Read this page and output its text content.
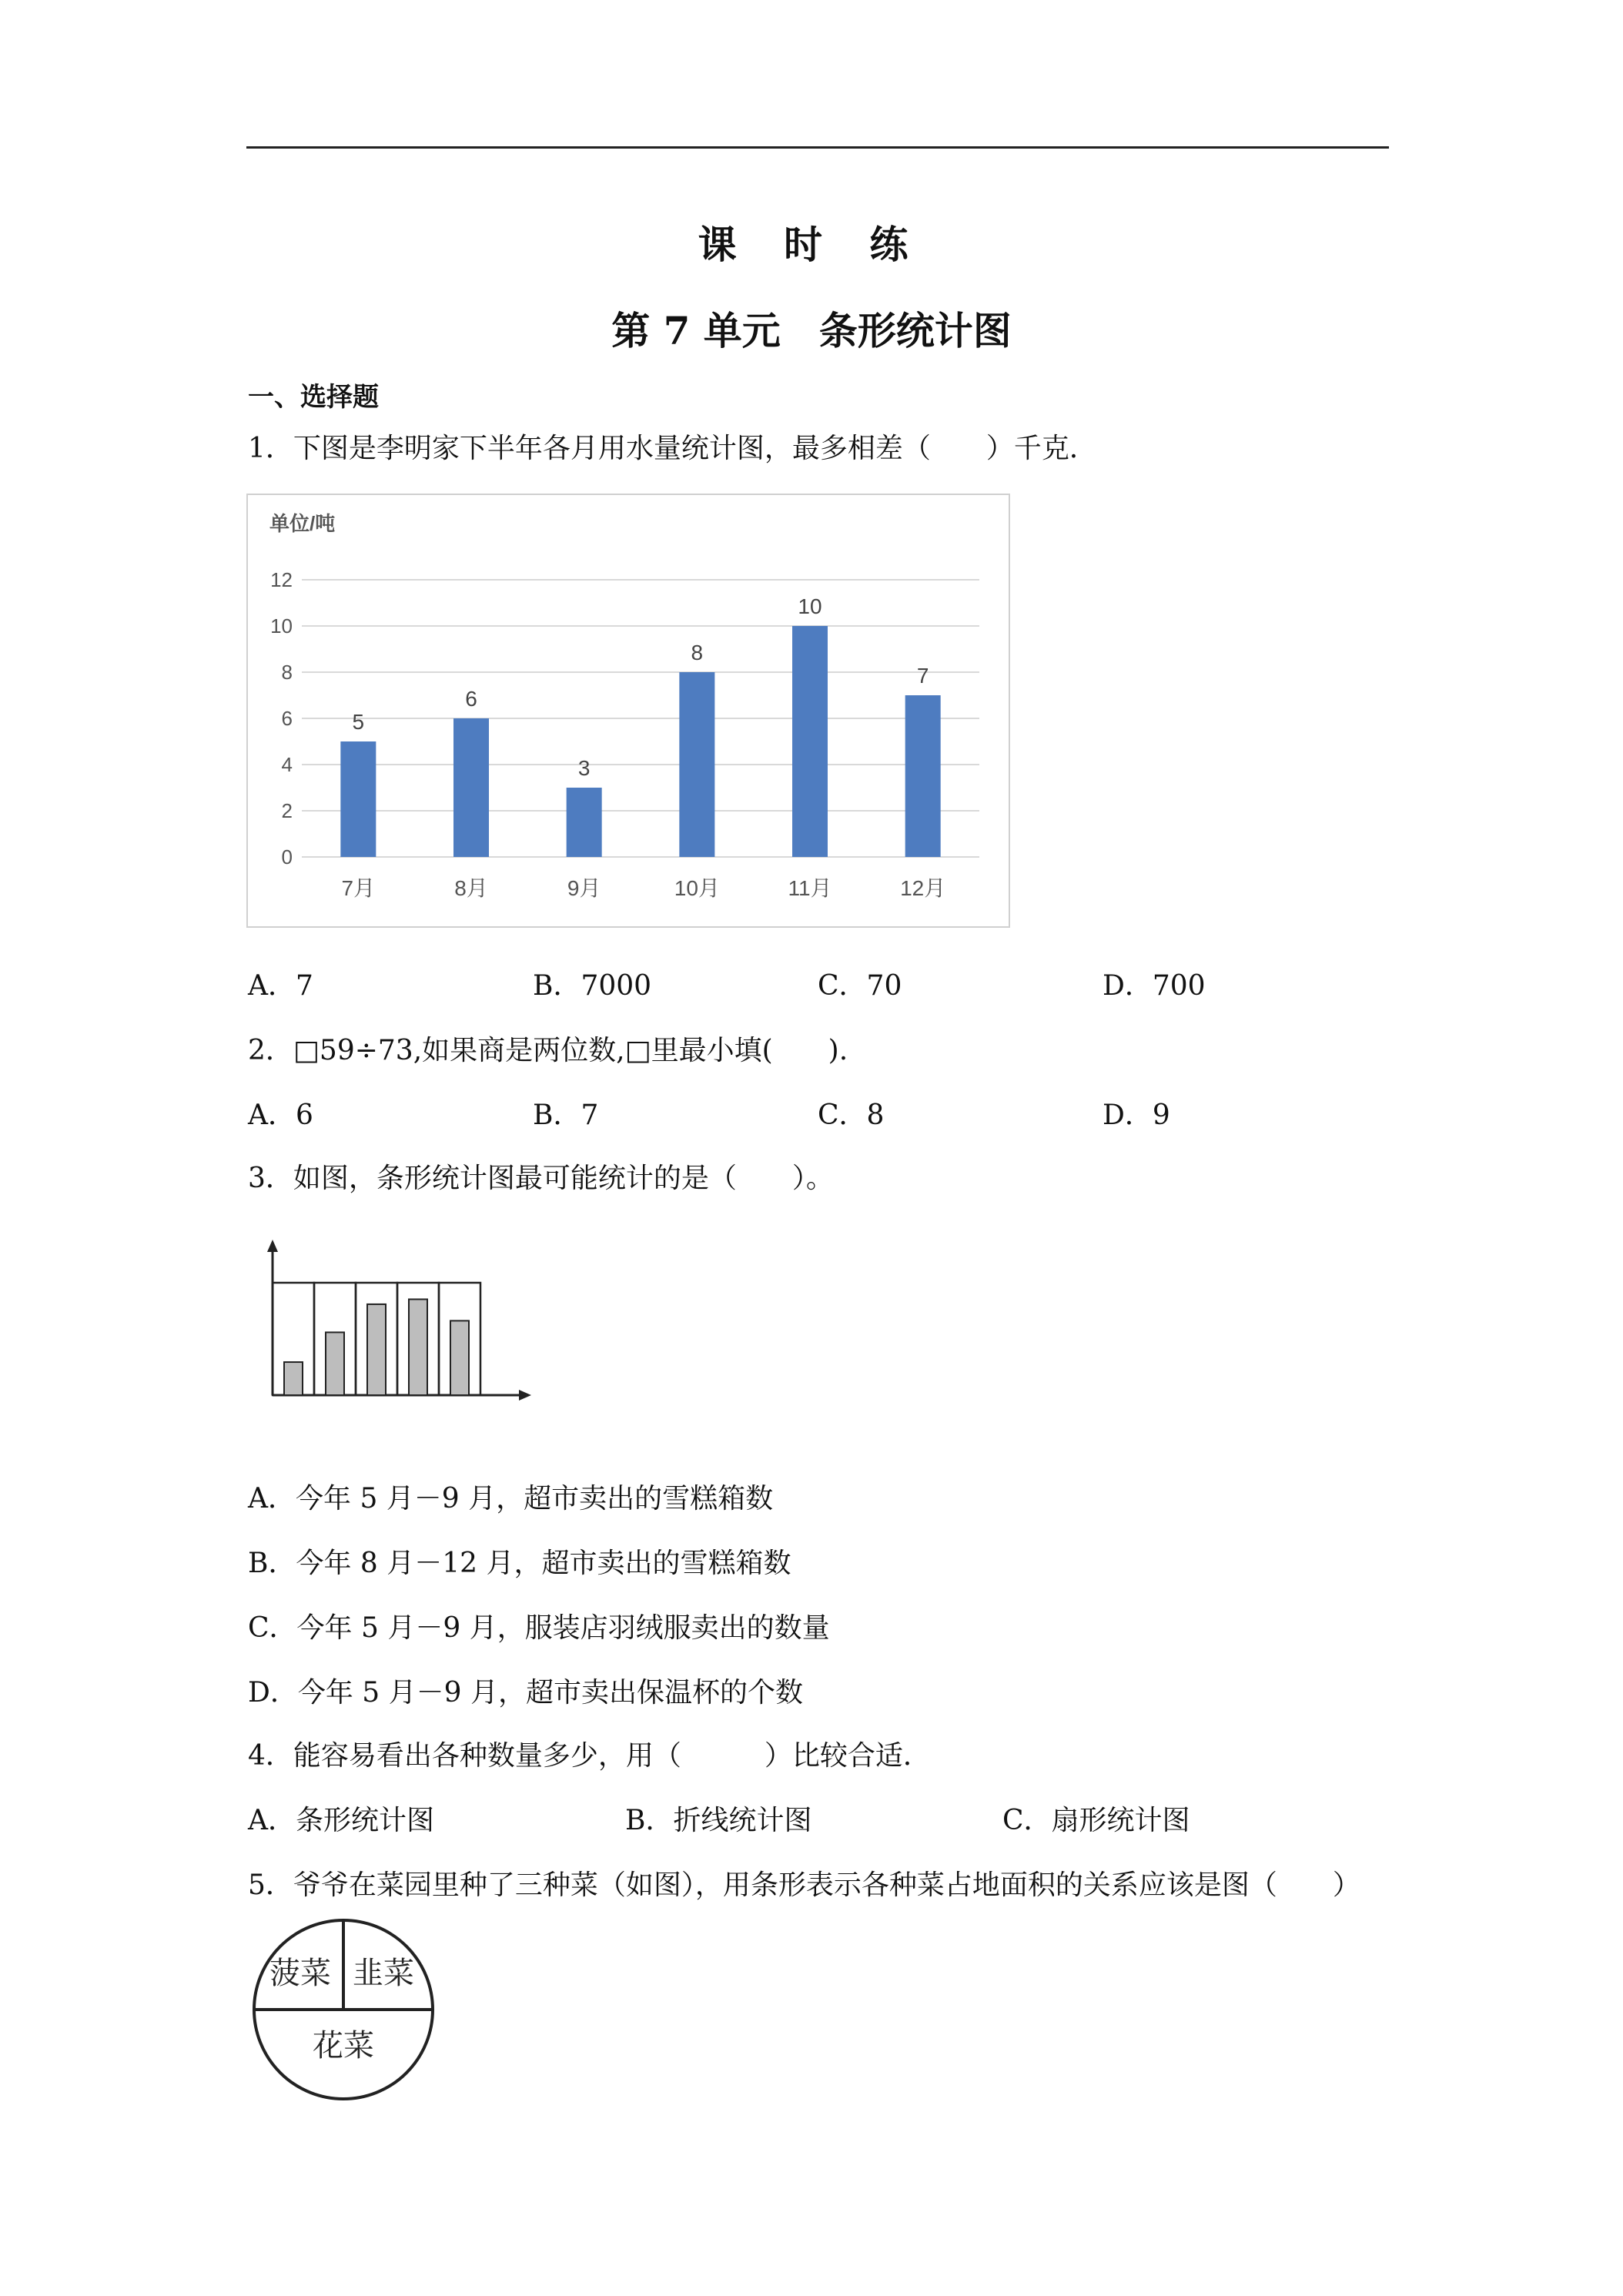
课 时 练
第 7 单元　条形统计图
一、选择题
1．下图是李明家下半年各月用水量统计图，最多相差（　　）千克．
单位/吨
0
2
4
6
8
10
12
5
7月
6
8月
3
9月
8
10月
10
11月
7
12月
A．7	B．7000	C．70	D．700
2．□59÷73,如果商是两位数,□里最小填(　　).
A．6	B．7	C．8	D．9
3．如图，条形统计图最可能统计的是（　　）。
A．今年 5 月－9 月，超市卖出的雪糕箱数
B．今年 8 月－12 月，超市卖出的雪糕箱数
C．今年 5 月－9 月，服装店羽绒服卖出的数量
D．今年 5 月－9 月，超市卖出保温杯的个数
4．能容易看出各种数量多少，用（　　　）比较合适．
A．条形统计图	B．折线统计图	C．扇形统计图
5．爷爷在菜园里种了三种菜（如图），用条形表示各种菜占地面积的关系应该是图（　　）
菠菜 韭菜
花菜
